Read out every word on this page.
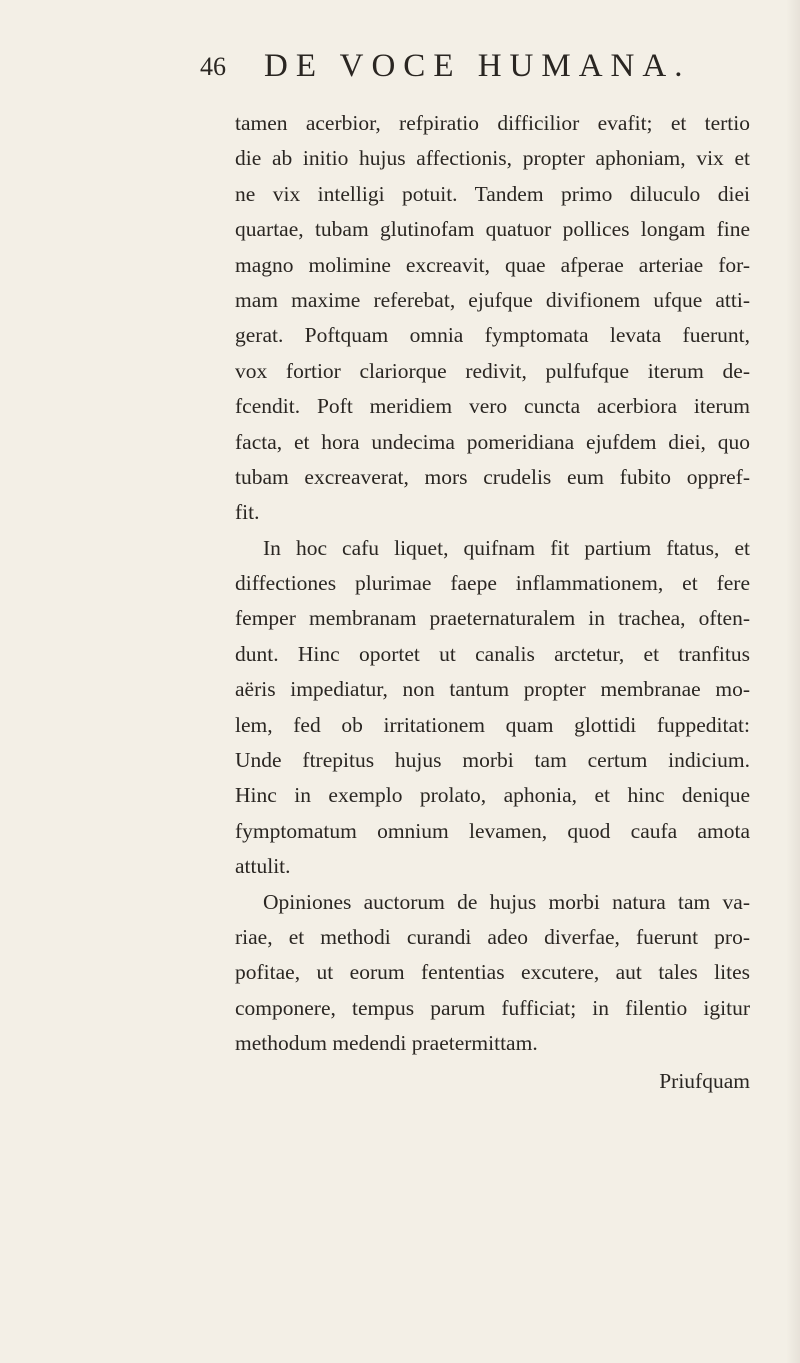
46 DE VOCE HUMANA.
tamen acerbior, refpiratio difficilior evafit; et tertio
die ab initio hujus affectionis, propter aphoniam, vix et
ne vix intelligi potuit. Tandem primo diluculo diei
quartae, tubam glutinofam quatuor pollices longam fine
magno molimine excreavit, quae afperae arteriae for-
mam maxime referebat, ejufque divifionem ufque atti-
gerat. Poftquam omnia fymptomata levata fuerunt,
vox fortior clariorque redivit, pulfufque iterum de-
fcendit. Poft meridiem vero cuncta acerbiora iterum
facta, et hora undecima pomeridiana ejufdem diei, quo
tubam excreaverat, mors crudelis eum fubito oppref-
fit.
In hoc cafu liquet, quifnam fit partium ftatus, et
diffectiones plurimae faepe inflammationem, et fere
femper membranam praeternaturalem in trachea, often-
dunt. Hinc oportet ut canalis arctetur, et tranfitus
aëris impediatur, non tantum propter membranae mo-
lem, fed ob irritationem quam glottidi fuppeditat:
Unde ftrepitus hujus morbi tam certum indicium.
Hinc in exemplo prolato, aphonia, et hinc denique
fymptomatum omnium levamen, quod caufa amota
attulit.
Opiniones auctorum de hujus morbi natura tam va-
riae, et methodi curandi adeo diverfae, fuerunt pro-
pofitae, ut eorum fententias excutere, aut tales lites
componere, tempus parum fufficiat; in filentio igitur
methodum medendi praetermittam.
Priufquam
